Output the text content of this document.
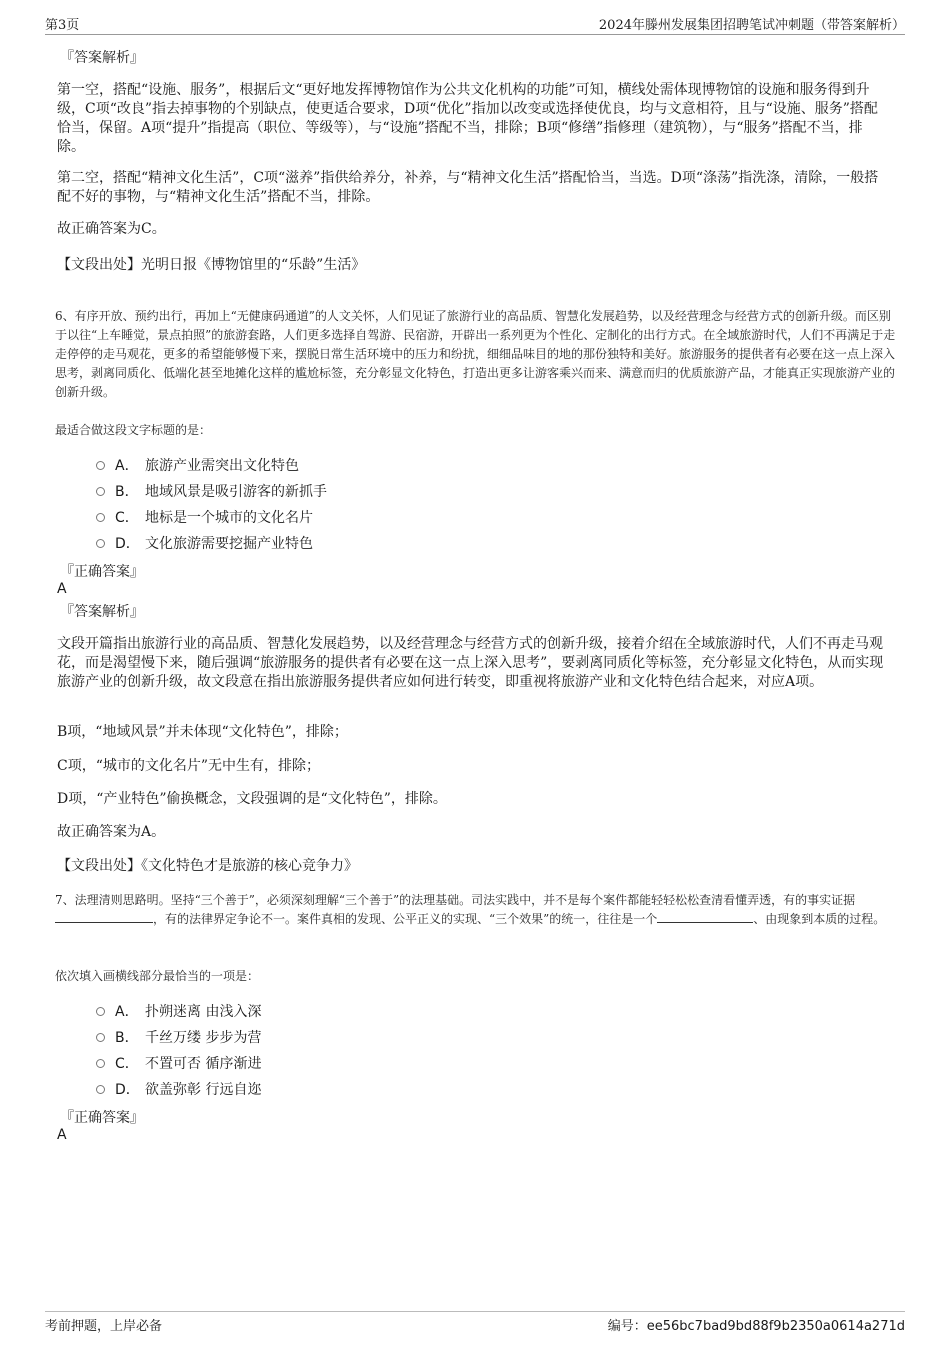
第3页	2024年滕州发展集团招聘笔试冲刺题（带答案解析）
『答案解析』
第一空，搭配“设施、服务”，根据后文“更好地发挥博物馆作为公共文化机构的功能”可知，横线处需体现博物馆的设施和服务得到升级，C项“改良”指去掉事物的个别缺点，使更适合要求，D项“优化”指加以改变或选择使优良，均与文意相符，且与“设施、服务”搭配恰当，保留。A项“提升”指提高（职位、等级等），与“设施”搭配不当，排除；B项“修缮”指修理（建筑物），与“服务”搭配不当，排除。
第二空，搭配“精神文化生活”，C项“滋养”指供给养分，补养，与“精神文化生活”搭配恰当，当选。D项“涤荡”指洗涤，清除，一般搭配不好的事物，与“精神文化生活”搭配不当，排除。
故正确答案为C。
【文段出处】光明日报《博物馆里的“乐龄”生活》
6、有序开放、预约出行，再加上“无健康码通道”的人文关怀，人们见证了旅游行业的高品质、智慧化发展趋势，以及经营理念与经营方式的创新升级。而区别于以往“上车睡觉，景点拍照”的旅游套路，人们更多选择自驾游、民宿游，开辟出一系列更为个性化、定制化的出行方式。在全域旅游时代，人们不再满足于走走停停的走马观花，更多的希望能够慢下来，摆脱日常生活环境中的压力和纷扰，细细品味目的地的那份独特和美好。旅游服务的提供者有必要在这一点上深入思考，剥离同质化、低端化甚至地摊化这样的尴尬标签，充分彰显文化特色，打造出更多让游客乘兴而来、满意而归的优质旅游产品，才能真正实现旅游产业的创新升级。
最适合做这段文字标题的是：
A． 旅游产业需突出文化特色
B． 地域风景是吸引游客的新抓手
C． 地标是一个城市的文化名片
D． 文化旅游需要挖掘产业特色
『正确答案』
A
『答案解析』
文段开篇指出旅游行业的高品质、智慧化发展趋势，以及经营理念与经营方式的创新升级，接着介绍在全域旅游时代，人们不再走马观花，而是渴望慢下来，随后强调“旅游服务的提供者有必要在这一点上深入思考”，要剥离同质化等标签，充分彰显文化特色，从而实现旅游产业的创新升级，故文段意在指出旅游服务提供者应如何进行转变，即重视将旅游产业和文化特色结合起来，对应A项。
B项，“地域风景”并未体现“文化特色”，排除；
C项，“城市的文化名片”无中生有，排除；
D项，“产业特色”偷换概念，文段强调的是“文化特色”，排除。
故正确答案为A。
【文段出处】《文化特色才是旅游的核心竞争力》
7、法理清则思路明。坚持“三个善于”，必须深刻理解“三个善于”的法理基础。司法实践中，并不是每个案件都能轻轻松松查清看懂弄透，有的事实证据，有的法律界定争论不一。案件真相的发现、公平正义的实现、“三个效果”的统一，往往是一个	、由现象到本质的过程。
依次填入画横线部分最恰当的一项是：
A． 扑朔迷离 由浅入深
B． 千丝万缕 步步为营
C． 不置可否 循序渐进
D． 欲盖弥彰 行远自迩
『正确答案』
A
考前押题，上岸必备	编号：ee56bc7bad9bd88f9b2350a0614a271d
